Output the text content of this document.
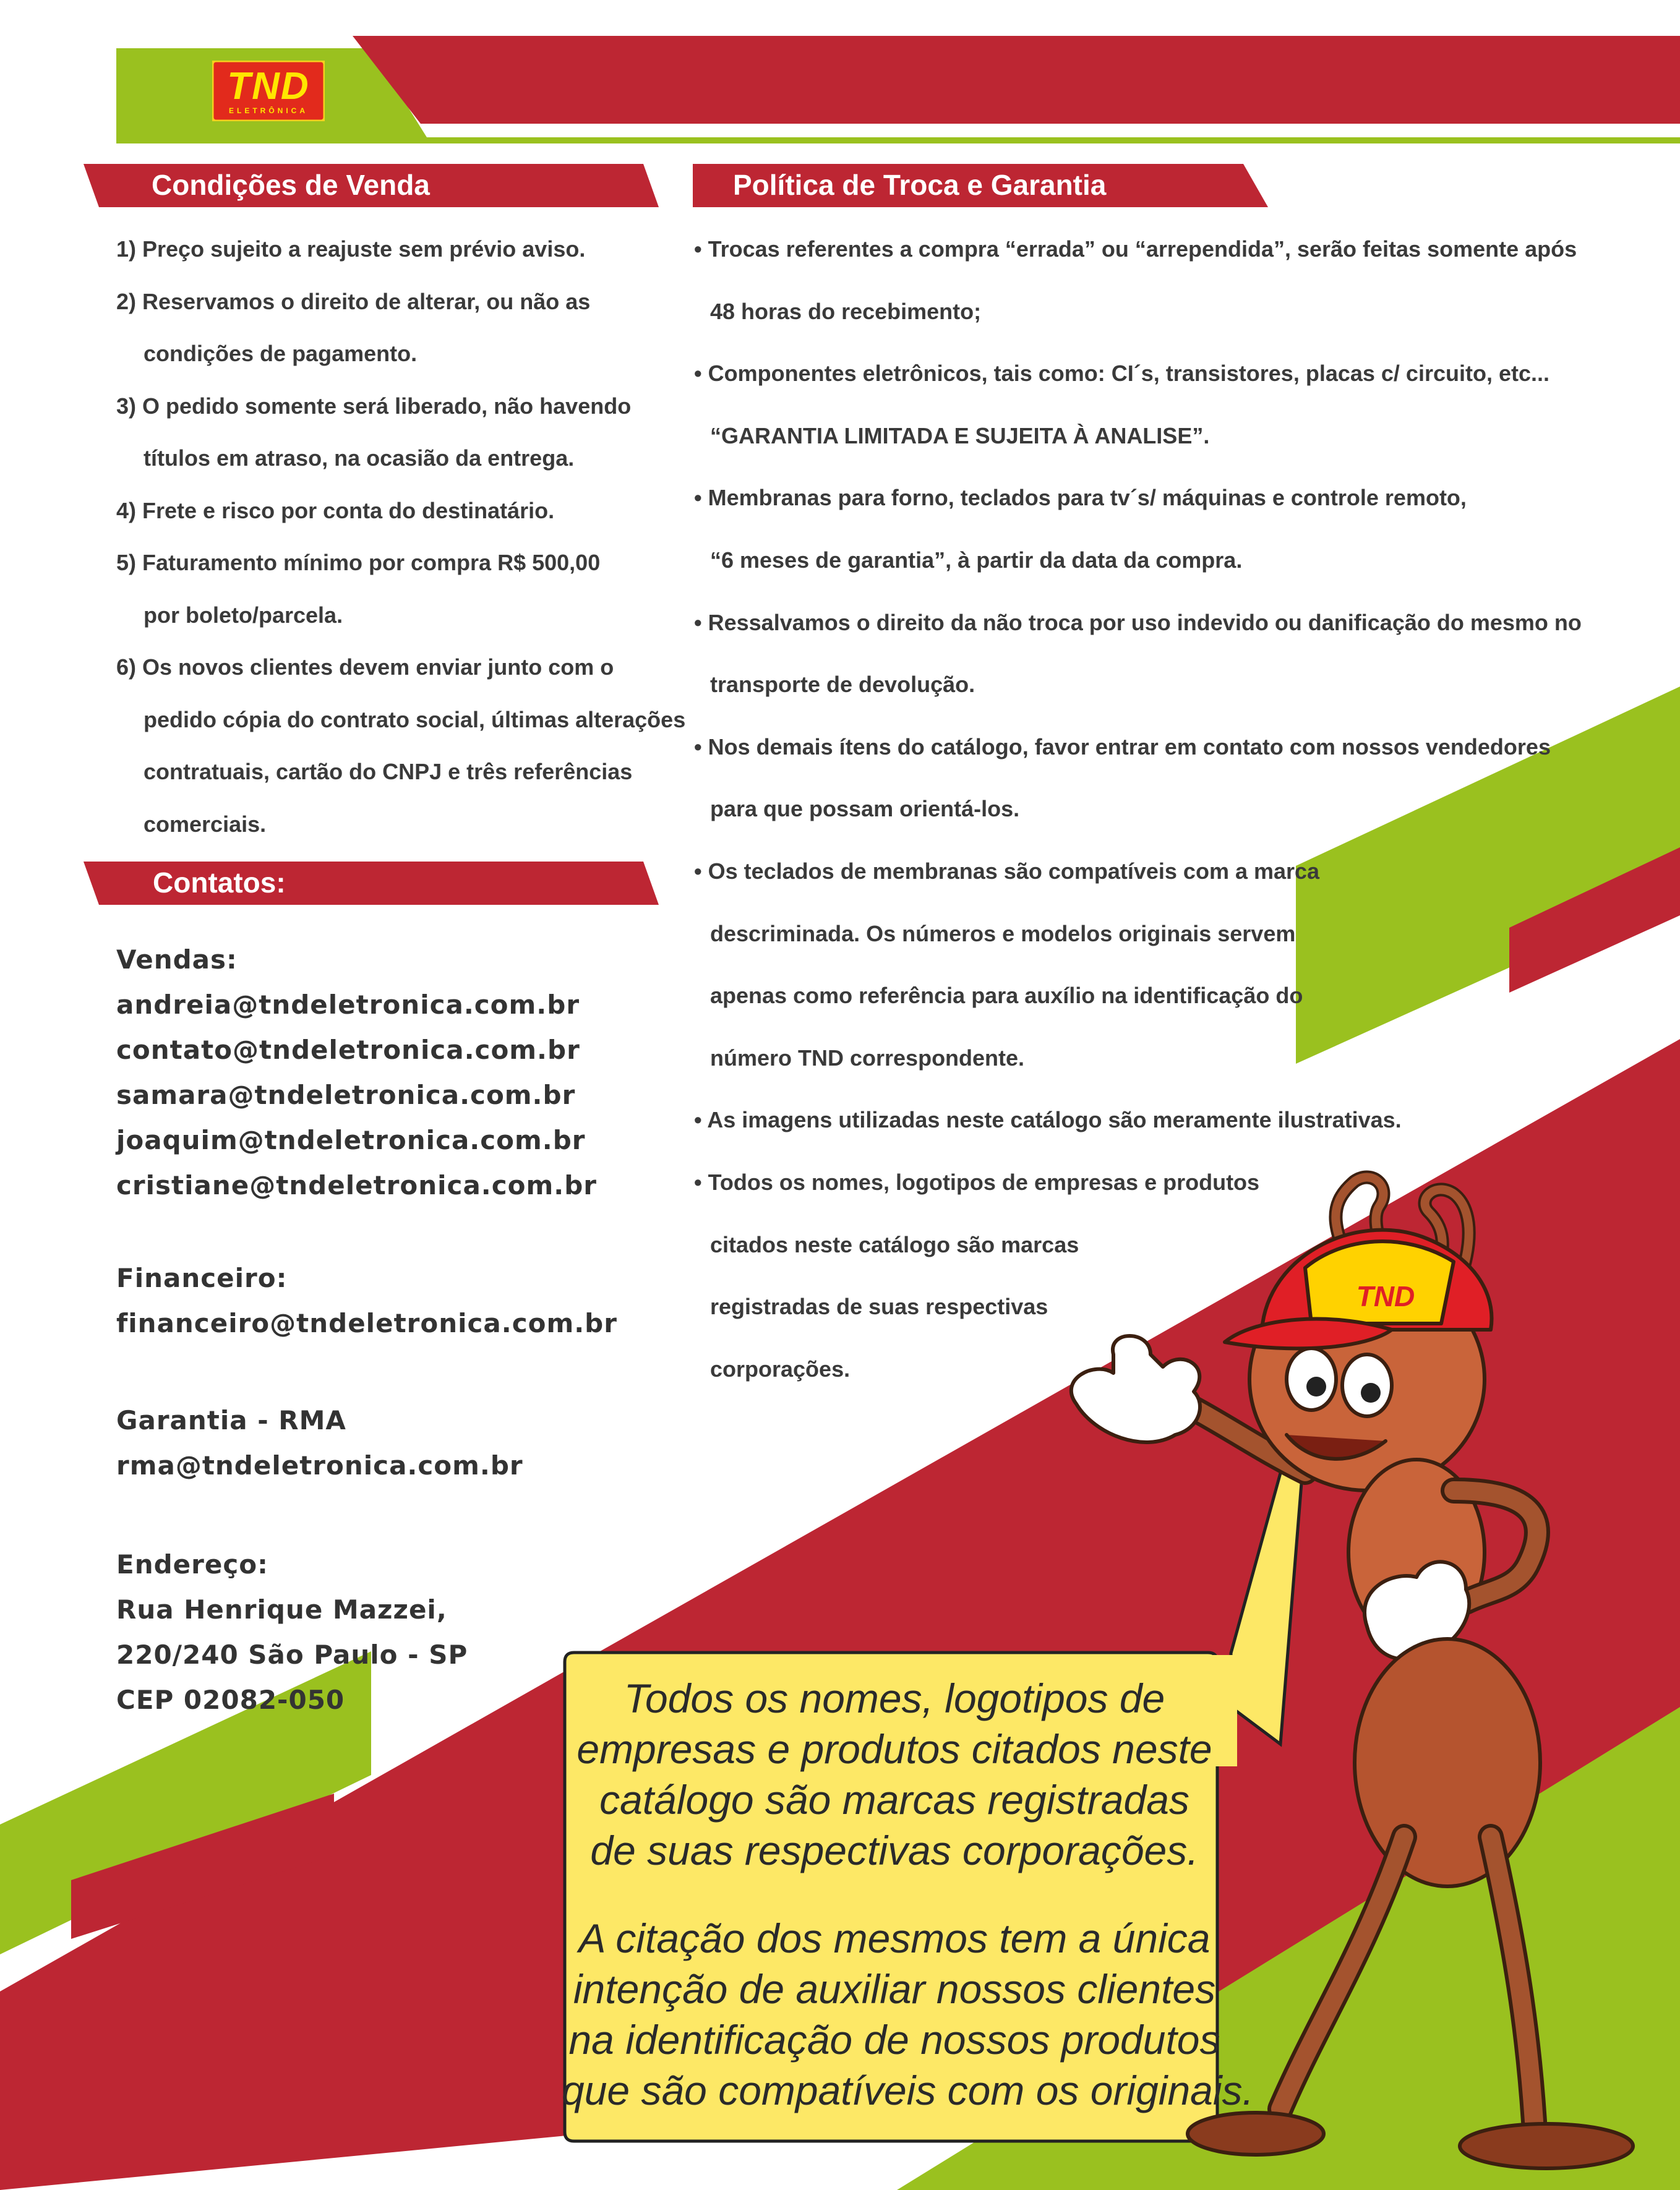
TND
ELETRÔNICA
Condições de Venda	Política de Troca e Garantia
Contatos:
1) Preço sujeito a reajuste sem prévio aviso.
2) Reservamos o direito de alterar, ou não as
condições de pagamento.
3) O pedido somente será liberado, não havendo
títulos em atraso, na ocasião da entrega.
4) Frete e risco por conta do destinatário.
5) Faturamento mínimo por compra R$ 500,00
por boleto/parcela.
6) Os novos clientes devem enviar junto com o
pedido cópia do contrato social, últimas alterações
contratuais, cartão do CNPJ e três referências
comerciais.
• Trocas referentes a compra “errada” ou “arrependida”, serão feitas somente após
48 horas do recebimento;
• Componentes eletrônicos, tais como: CI´s, transistores, placas c/ circuito, etc...
“GARANTIA LIMITADA E SUJEITA À ANALISE”.
• Membranas para forno, teclados para tv´s/ máquinas e controle remoto,
“6 meses de garantia”, à partir da data da compra.
• Ressalvamos o direito da não troca por uso indevido ou danificação do mesmo no
transporte de devolução.
• Nos demais ítens do catálogo, favor entrar em contato com nossos vendedores
para que possam orientá-los.
• Os teclados de membranas são compatíveis com a marca
descriminada. Os números e modelos originais servem
apenas como referência para auxílio na identificação do
número TND correspondente.
• As imagens utilizadas neste catálogo são meramente ilustrativas.
• Todos os nomes, logotipos de empresas e produtos
citados neste catálogo são marcas
registradas de suas respectivas
corporações.
Vendas:
andreia@tndeletronica.com.br
contato@tndeletronica.com.br
samara@tndeletronica.com.br
joaquim@tndeletronica.com.br
cristiane@tndeletronica.com.br
Financeiro:
financeiro@tndeletronica.com.br
Garantia - RMA
rma@tndeletronica.com.br
Endereço:
Rua Henrique Mazzei,
220/240 São Paulo - SP
CEP 02082-050	Todos os nomes, logotipos de
empresas e produtos citados neste
catálogo são marcas registradas
de suas respectivas corporações.
A citação dos mesmos tem a única
intenção de auxiliar nossos clientes
na identificação de nossos produtos
que são compatíveis com os originais.
TND
